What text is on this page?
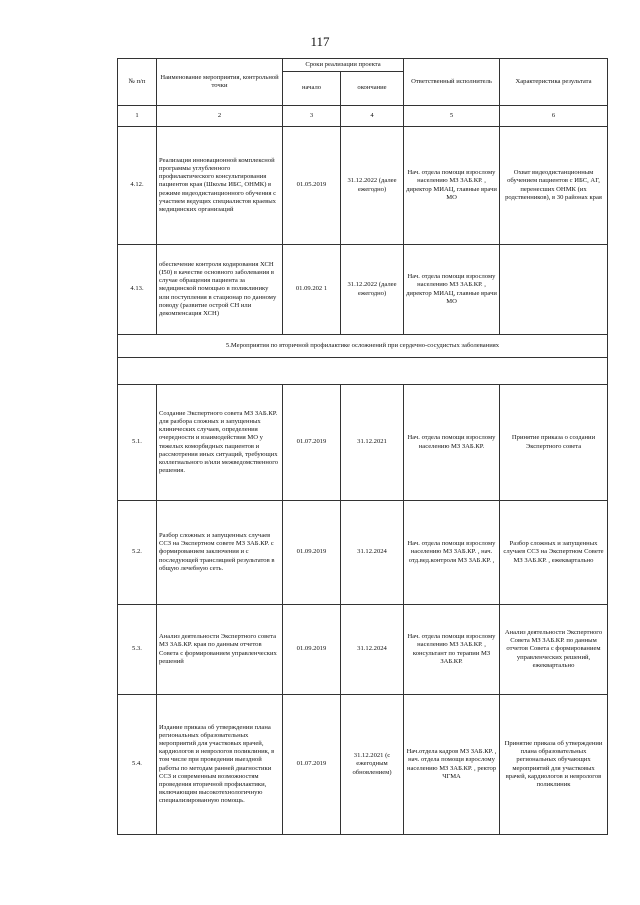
117
№ п/п	Наименование мероприятия, контрольной точки	Сроки реализации проекта		Ответственный исполнитель	Характеристика результата
		начало	окончание		
1	2	3	4	5	6
4.12.	Реализация инновационной комплексной программы углубленного профилактического консультирования пациентов края (Школы ИБС, ОНМК) в режиме видеодистанционного обучения с участием ведущих специалистов краевых медицинских организаций	01.05.2019	31.12.2022 (далее ежегодно)	Нач. отдела помощи взрослому населению МЗ ЗАБ.КР. , директор МИАЦ, главные врачи МО	Охват видеодистанционным обучением пациентов с ИБС, АГ, перенесших ОНМК (их родственников), в 30 районах края
4.13.	обеспечение контроля кодирования ХСН (I50) в качестве основного заболевания в случае обращения пациента за медицинской помощью в поликлинику или поступления в стационар по данному поводу (развитие острой СН или декомпенсация ХСН)	01.09.202 1	31.12.2022 (далее ежегодно)	Нач. отдела помощи взрослому населению МЗ ЗАБ.КР. , директор МИАЦ, главные врачи МО	
5.Мероприятия по вторичной профилактике осложнений при сердечно-сосудистых заболеваниях					

5.1.	Создание Экспертного совета МЗ ЗАБ.КР. для разбора сложных и запущенных клинических случаев, определения очередности и взаимодействия МО у тяжелых коморбидных пациентов и рассмотрения иных ситуаций, требующих коллегиального и/или межведомственного решения.	01.07.2019	31.12.2021	Нач. отдела помощи взрослому населению МЗ ЗАБ.КР.	Принятие приказа о создании Экспертного совета
5.2.	Разбор сложных и запущенных случаев ССЗ на Экспертном совете МЗ ЗАБ.КР. с формированием заключения и с последующей трансляцией результатов в общую лечебную сеть.	01.09.2019	31.12.2024	Нач. отдела помощи взрослому населению МЗ ЗАБ.КР. , нач. отд.вед.контроля МЗ ЗАБ.КР. ,	Разбор сложных и запущенных случаев ССЗ на Экспертном Совете МЗ ЗАБ.КР. , ежеквартально
5.3.	Анализ деятельности Экспертного совета МЗ ЗАБ.КР. края по данным отчетов Совета с формированием управленческих решений	01.09.2019	31.12.2024	Нач. отдела помощи взрослому населению МЗ ЗАБ.КР. , консультант по терапии МЗ ЗАБ.КР.	Анализ деятельности Экспертного Совета МЗ ЗАБ.КР. по данным отчетов Совета с формированием управленческих решений, ежеквартально
5.4.	Издание приказа об утверждении плана региональных образовательных мероприятий для участковых врачей, кардиологов и неврологов поликлиник, в том числе при проведении выездной работы по методам ранней диагностики ССЗ и современным возможностям проведения вторичной профилактики, включающим высокотехнологичную специализированную помощь.	01.07.2019	31.12.2021 (с ежегодным обновлением)	Нач.отдела кадров МЗ ЗАБ.КР. , нач. отдела помощи взрослому населению МЗ ЗАБ.КР. , ректор ЧГМА	Принятие приказа об утверждении плана образовательных региональных обучающих мероприятий для участковых врачей, кардиологов и неврологов поликлиник
